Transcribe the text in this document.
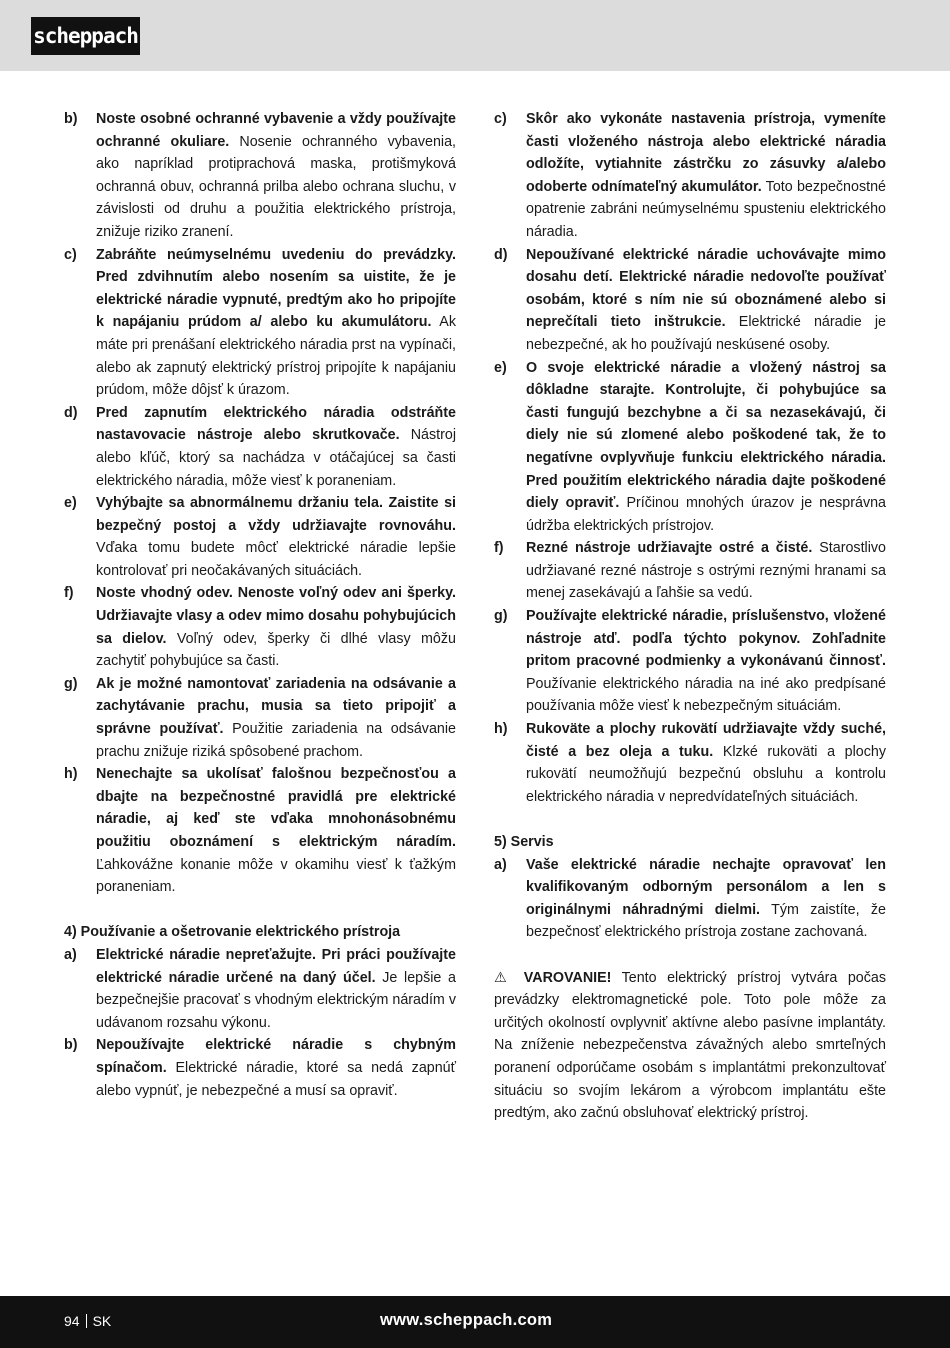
scheppach
b)	Noste osobné ochranné vybavenie a vždy používajte ochranné okuliare. Nosenie ochranného vybavenia, ako napríklad protiprachová maska, protišmyková ochranná obuv, ochranná prilba alebo ochrana sluchu, v závislosti od druhu a použitia elektrického prístroja, znižuje riziko zranení.
c)	Zabráňte neúmyselnému uvedeniu do prevádzky. Pred zdvihnutím alebo nosením sa uistite, že je elektrické náradie vypnuté, predtým ako ho pripojíte k napájaniu prúdom a/ alebo ku akumulátoru. Ak máte pri prenášaní elektrického náradia prst na vypínači, alebo ak zapnutý elektrický prístroj pripojíte k napájaniu prúdom, môže dôjsť k úrazom.
d)	Pred zapnutím elektrického náradia odstráňte nastavovacie nástroje alebo skrutkovače. Nástroj alebo kľúč, ktorý sa nachádza v otáčajúcej sa časti elektrického náradia, môže viesť k poraneniam.
e)	Vyhýbajte sa abnormálnemu držaniu tela. Zaistite si bezpečný postoj a vždy udržiavajte rovnováhu. Vďaka tomu budete môcť elektrické náradie lepšie kontrolovať pri neočakávaných situáciách.
f)	Noste vhodný odev. Nenoste voľný odev ani šperky. Udržiavajte vlasy a odev mimo dosahu pohybujúcich sa dielov. Voľný odev, šperky či dlhé vlasy môžu zachytiť pohybujúce sa časti.
g)	Ak je možné namontovať zariadenia na odsávanie a zachytávanie prachu, musia sa tieto pripojiť a správne používať. Použitie zariadenia na odsávanie prachu znižuje riziká spôsobené prachom.
h)	Nenechajte sa ukolísať falošnou bezpečnosťou a dbajte na bezpečnostné pravidlá pre elektrické náradie, aj keď ste vďaka mnohonásobnému použitiu oboznámení s elektrickým náradím. Ľahkovážne konanie môže v okamihu viesť k ťažkým poraneniam.
4) Používanie a ošetrovanie elektrického prístroja
a)	Elektrické náradie nepreťažujte. Pri práci používajte elektrické náradie určené na daný účel. Je lepšie a bezpečnejšie pracovať s vhodným elektrickým náradím v udávanom rozsahu výkonu.
b)	Nepoužívajte elektrické náradie s chybným spínačom. Elektrické náradie, ktoré sa nedá zapnúť alebo vypnúť, je nebezpečné a musí sa opraviť.
c)	Skôr ako vykonáte nastavenia prístroja, vymeníte časti vloženého nástroja alebo elektrické náradia odložíte, vytiahnite zástrčku zo zásuvky a/alebo odoberte odnímateľný akumulátor. Toto bezpečnostné opatrenie zabráni neúmyselnému spusteniu elektrického náradia.
d)	Nepoužívané elektrické náradie uchovávajte mimo dosahu detí. Elektrické náradie nedovoľte používať osobám, ktoré s ním nie sú oboznámené alebo si neprečítali tieto inštrukcie. Elektrické náradie je nebezpečné, ak ho používajú neskúsené osoby.
e)	O svoje elektrické náradie a vložený nástroj sa dôkladne starajte. Kontrolujte, či pohybujúce sa časti fungujú bezchybne a či sa nezasekávajú, či diely nie sú zlomené alebo poškodené tak, že to negatívne ovplyvňuje funkciu elektrického náradia. Pred použitím elektrického náradia dajte poškodené diely opraviť. Príčinou mnohých úrazov je nesprávna údržba elektrických prístrojov.
f)	Rezné nástroje udržiavajte ostré a čisté. Starostlivo udržiavané rezné nástroje s ostrými reznými hranami sa menej zasekávajú a ľahšie sa vedú.
g)	Používajte elektrické náradie, príslušenstvo, vložené nástroje atď. podľa týchto pokynov. Zohľadnite pritom pracovné podmienky a vykonávanú činnosť. Používanie elektrického náradia na iné ako predpísané používania môže viesť k nebezpečným situáciám.
h)	Rukoväte a plochy rukovätí udržiavajte vždy suché, čisté a bez oleja a tuku. Klzké rukoväti a plochy rukovätí neumožňujú bezpečnú obsluhu a kontrolu elektrického náradia v nepredvídateľných situáciách.
5) Servis
a)	Vaše elektrické náradie nechajte opravovať len kvalifikovaným odborným personálom a len s originálnymi náhradnými dielmi. Tým zaistíte, že bezpečnosť elektrického prístroja zostane zachovaná.
⚠ VAROVANIE! Tento elektrický prístroj vytvára počas prevádzky elektromagnetické pole. Toto pole môže za určitých okolností ovplyvniť aktívne alebo pasívne implantáty. Na zníženie nebezpečenstva závažných alebo smrteľných poranení odporúčame osobám s implantátmi prekonzultovať situáciu so svojím lekárom a výrobcom implantátu ešte predtým, ako začnú obsluhovať elektrický prístroj.
94 SK	www.scheppach.com
